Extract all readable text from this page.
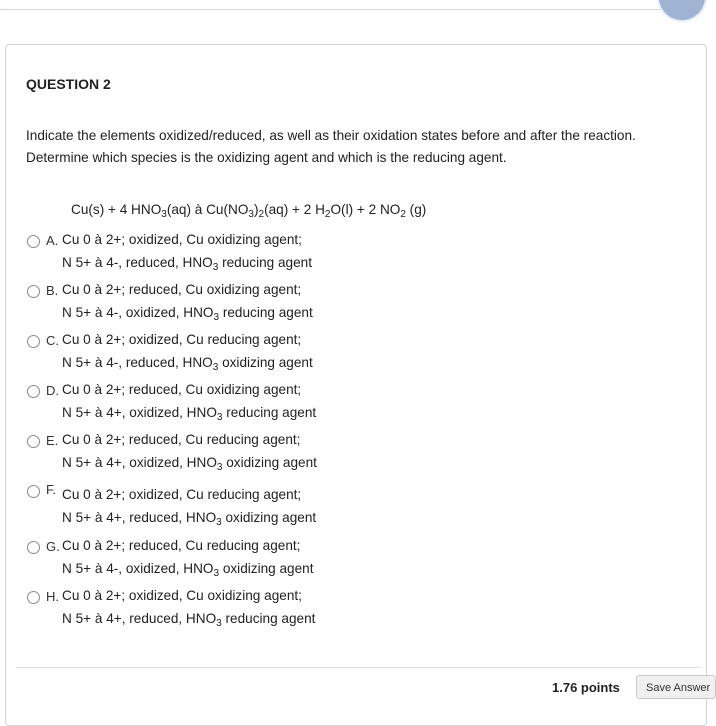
QUESTION 2

Indicate the elements oxidized/reduced, as well as their oxidation states before and after the reaction.

Determine which species is the oxidizing agent and which is the reducing agent.

Cu(s) + 4 $HNO_3(aq)$ à $Cu(NO_3)_2(aq) + 2$ $H_2O(l) + 2$ $NO_2$ (g)
A. Cu 0 à 2+; oxidized, Cu oxidizing agent;
N 5+ à 4-, reduced, $HNO_3$ reducing agent
B. Cu 0 à 2+; reduced, Cu oxidizing agent;
N 5+ à 4-, oxidized, $HNO_3$ reducing agent
C. Cu 0 à 2+; oxidized, Cu reducing agent;
N 5+ à 4-, reduced, $HNO_3$ oxidizing agent
D. Cu 0 à 2+; reduced, Cu oxidizing agent;
N 5+ à 4+, oxidized, $HNO_3$ reducing agent
E. Cu 0 à 2+; reduced, Cu reducing agent;
N 5+ à 4+, oxidized, $HNO_3$ oxidizing agent
F. Cu 0 à 2+; oxidized, Cu reducing agent;
N 5+ à 4+, reduced, $HNO_3$ oxidizing agent
G. Cu 0 à 2+; reduced, Cu reducing agent;
N 5+ à 4-, oxidized, $HNO_3$ oxidizing agent
H. Cu 0 à 2+; oxidized, Cu oxidizing agent;
N 5+ à 4+, reduced, $HNO_3$ reducing agent
1.76 points	Save Answer
